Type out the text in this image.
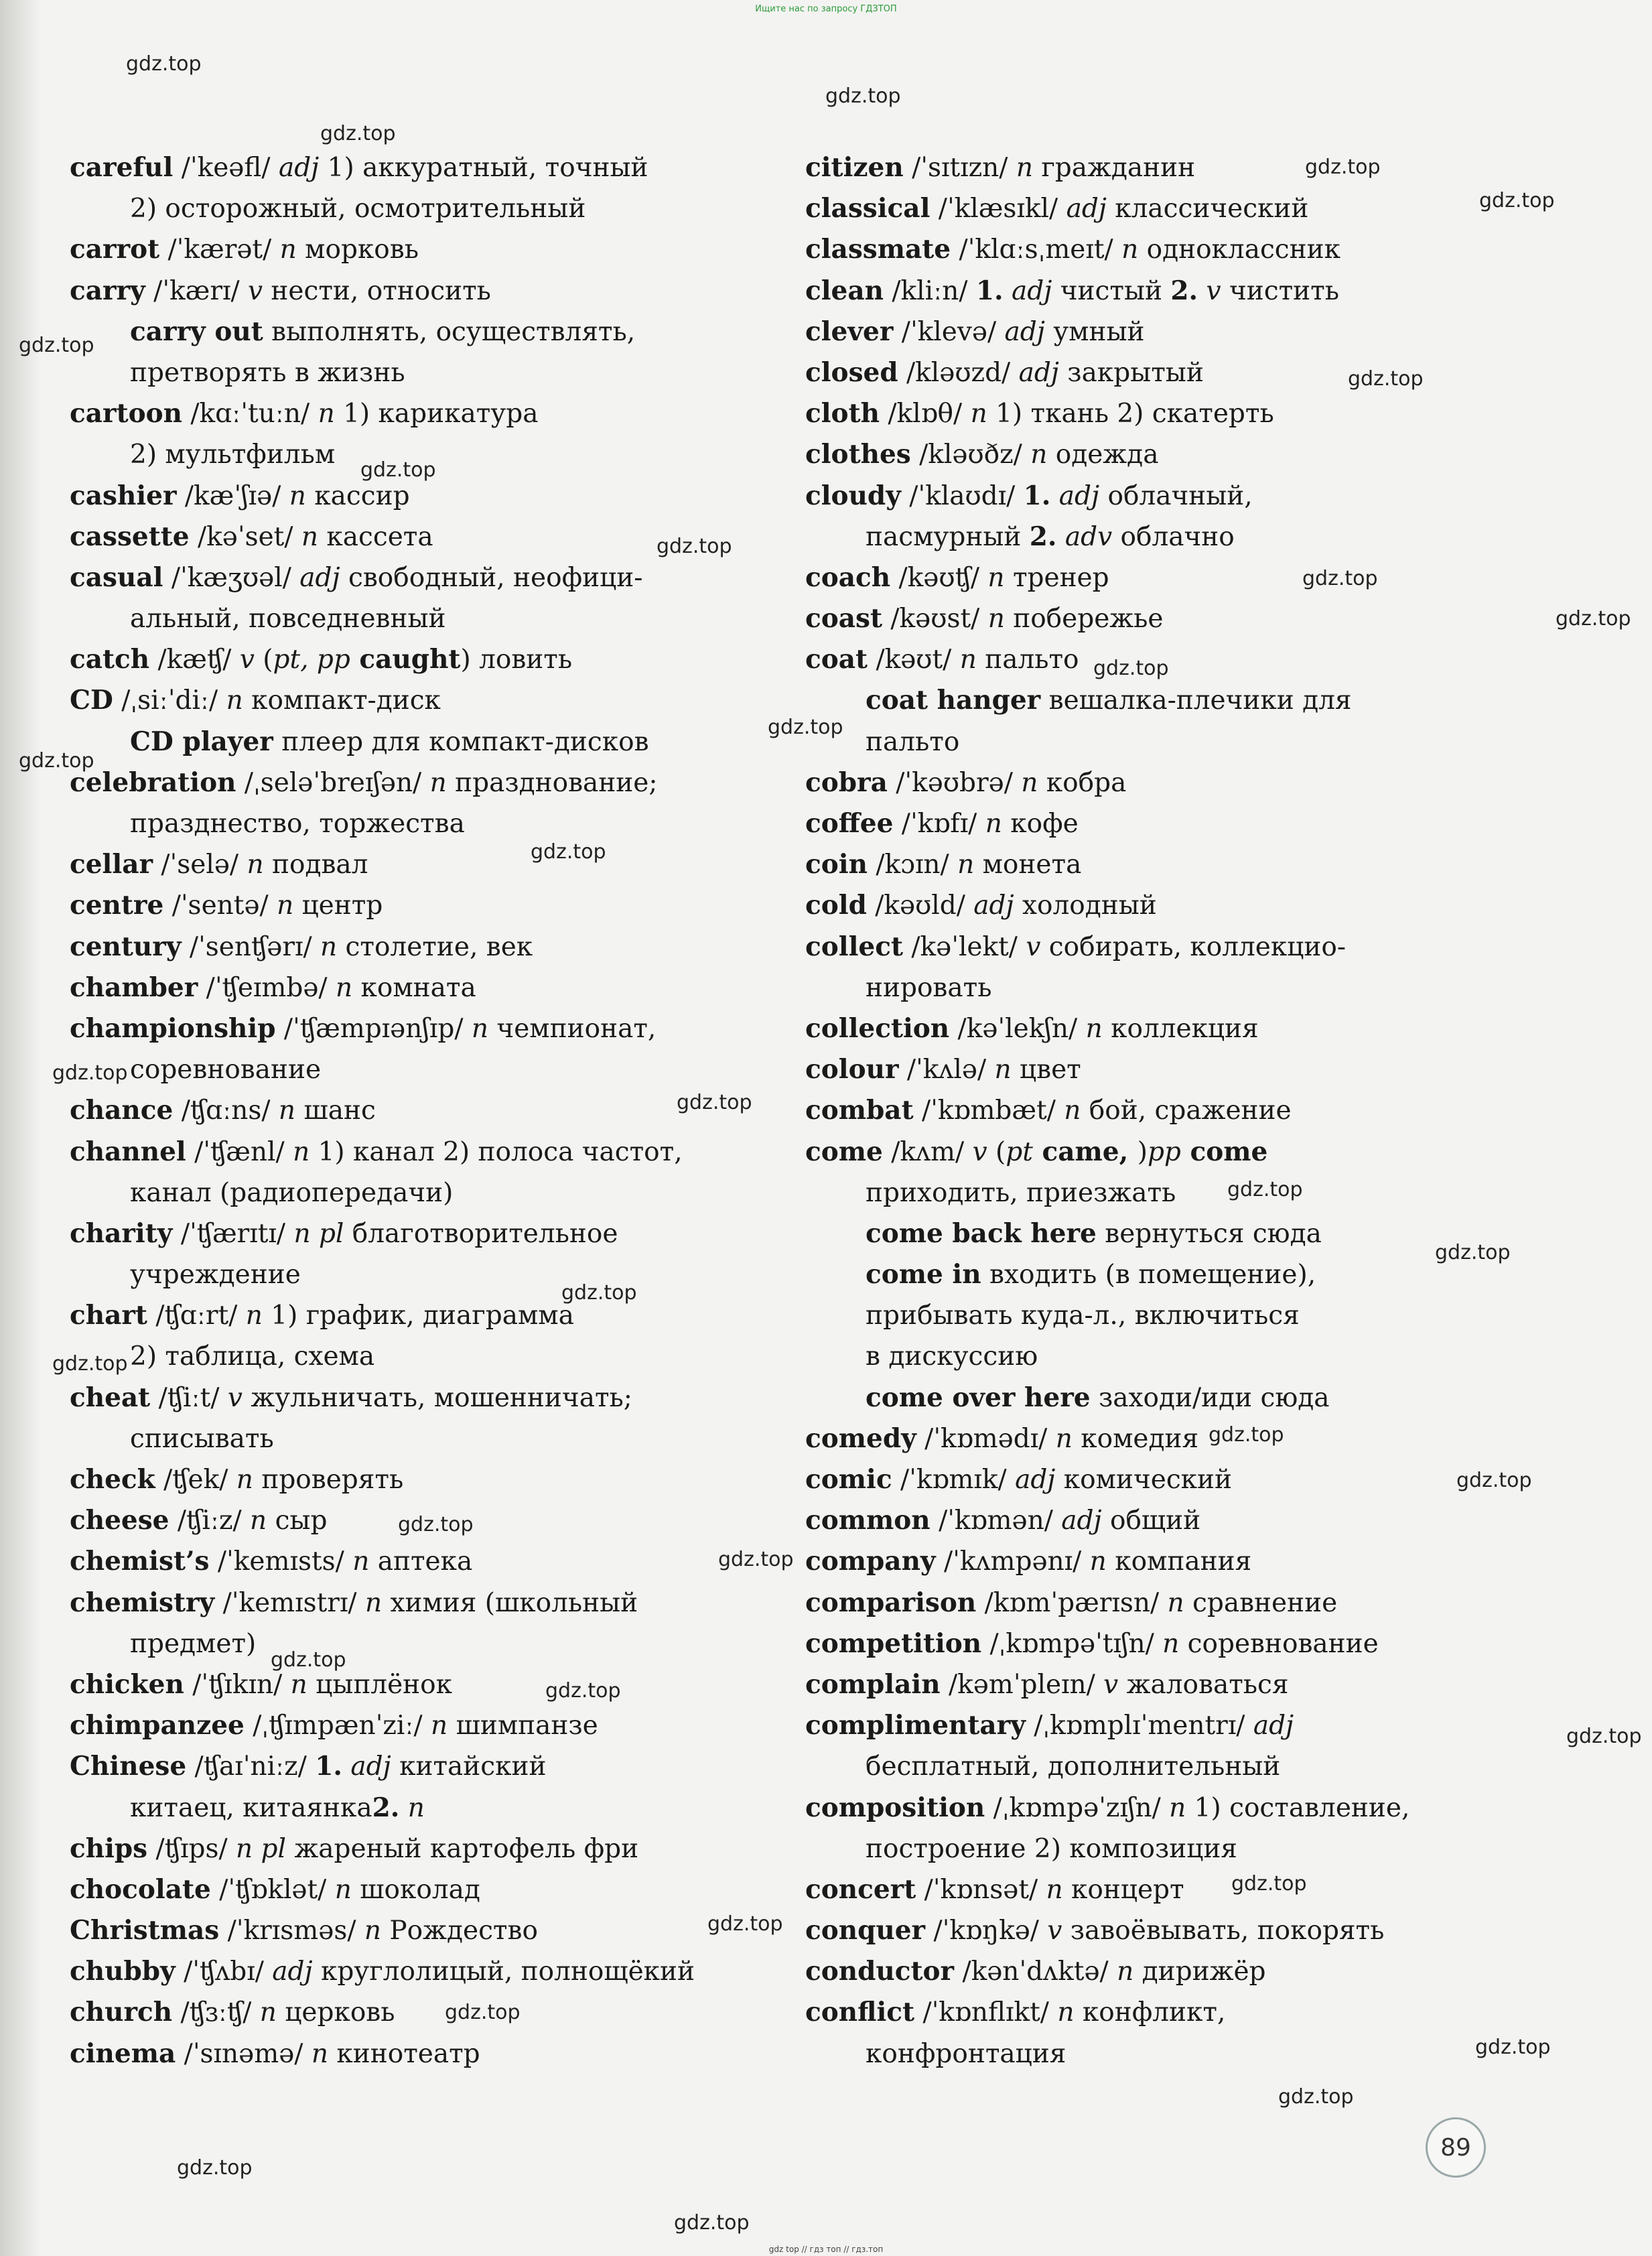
Ищите нас по запросу ГДЗТОП
careful /ˈkeəfl/ adj 1) аккуратный, точный
2) осторожный, осмотрительный
carrot /ˈkærət/ n морковь
carry /ˈkærɪ/ v нести, относить
carry out выполнять, осуществлять,
претворять в жизнь
cartoon /kɑːˈtuːn/ n 1) карикатура
2) мультфильм
cashier /kæˈʃɪə/ n кассир
cassette /kəˈset/ n кассета
casual /ˈkæʒʊəl/ adj свободный, неофици-
альный, повседневный
catch /kæʧ/ v (pt, pp caught) ловить
CD /ˌsiːˈdiː/ n компакт-диск
CD player плеер для компакт-дисков
celebration /ˌseləˈbreɪʃən/ n празднование;
празднество, торжества
cellar /ˈselə/ n подвал
centre /ˈsentə/ n центр
century /ˈsenʧərɪ/ n столетие, век
chamber /ˈʧeɪmbə/ n комната
championship /ˈʧæmpɪənʃɪp/ n чемпионат,
соревнование
chance /ʧɑːns/ n шанс
channel /ˈʧænl/ n 1) канал 2) полоса частот,
канал (радиопередачи)
charity /ˈʧærɪtɪ/ n pl благотворительное
учреждение
chart /ʧɑːrt/ n 1) график, диаграмма
2) таблица, схема
cheat /ʧiːt/ v жульничать, мошенничать;
списывать
check /ʧek/ n проверять
cheese /ʧiːz/ n сыр
chemist’s /ˈkemɪsts/ n аптека
chemistry /ˈkemɪstrɪ/ n химия (школьный
предмет)
chicken /ˈʧɪkɪn/ n цыплёнок
chimpanzee /ˌʧɪmpænˈziː/ n шимпанзе
Chinese /ʧaɪˈniːz/ 1. adj китайский
китаец, китаянка2. n
chips /ʧɪps/ n pl жареный картофель фри
chocolate /ˈʧɒklət/ n шоколад
Christmas /ˈkrɪsməs/ n Рождество
chubby /ˈʧʌbɪ/ adj круглолицый, полнощёкий
church /ʧɜːʧ/ n церковь
cinema /ˈsɪnəmə/ n кинотеатр
citizen /ˈsɪtɪzn/ n гражданин
classical /ˈklæsɪkl/ adj классический
classmate /ˈklɑːsˌmeɪt/ n одноклассник
clean /kliːn/ 1. adj чистый 2. v чистить
clever /ˈklevə/ adj умный
closed /kləʊzd/ adj закрытый
cloth /klɒθ/ n 1) ткань 2) скатерть
clothes /kləʊðz/ n одежда
cloudy /ˈklaʊdɪ/ 1. adj облачный,
пасмурный 2. adv облачно
coach /kəʊʧ/ n тренер
coast /kəʊst/ n побережье
coat /kəʊt/ n пальто
coat hanger вешалка-плечики для
пальто
cobra /ˈkəʊbrə/ n кобра
coffee /ˈkɒfɪ/ n кофе
coin /kɔɪn/ n монета
cold /kəʊld/ adj холодный
collect /kəˈlekt/ v собирать, коллекцио-
нировать
collection /kəˈlekʃn/ n коллекция
colour /ˈkʌlə/ n цвет
combat /ˈkɒmbæt/ n бой, сражение
come /kʌm/ v (pt came, )pp come
приходить, приезжать
come back here вернуться сюда
come in входить (в помещение),
прибывать куда-л., включиться
в дискуссию
come over here заходи/иди сюда
comedy /ˈkɒmədɪ/ n комедия
comic /ˈkɒmɪk/ adj комический
common /ˈkɒmən/ adj общий
company /ˈkʌmpənɪ/ n компания
comparison /kɒmˈpærɪsn/ n сравнение
competition /ˌkɒmpəˈtɪʃn/ n соревнование
complain /kəmˈpleɪn/ v жаловаться
complimentary /ˌkɒmplɪˈmentrɪ/ adj
бесплатный, дополнительный
composition /ˌkɒmpəˈzɪʃn/ n 1) составление,
построение 2) композиция
concert /ˈkɒnsət/ n концерт
conquer /ˈkɒŋkə/ v завоёвывать, покорять
conductor /kənˈdʌktə/ n дирижёр
conflict /ˈkɒnflɪkt/ n конфликт,
конфронтация
89
gdz.top
gdz.top
gdz.top
gdz.top
gdz.top
gdz.top
gdz.top
gdz.top
gdz.top
gdz.top
gdz.top
gdz.top
gdz.top
gdz.top
gdz.top
gdz.top
gdz.top
gdz.top
gdz.top
gdz.top
gdz.top
gdz.top
gdz.top
gdz.top
gdz.top
gdz.top
gdz.top
gdz.top
gdz.top
gdz.top
gdz.top
gdz.top
gdz.top
gdz.top
gdz.top
gdz top // гдз топ // гдз.топ
